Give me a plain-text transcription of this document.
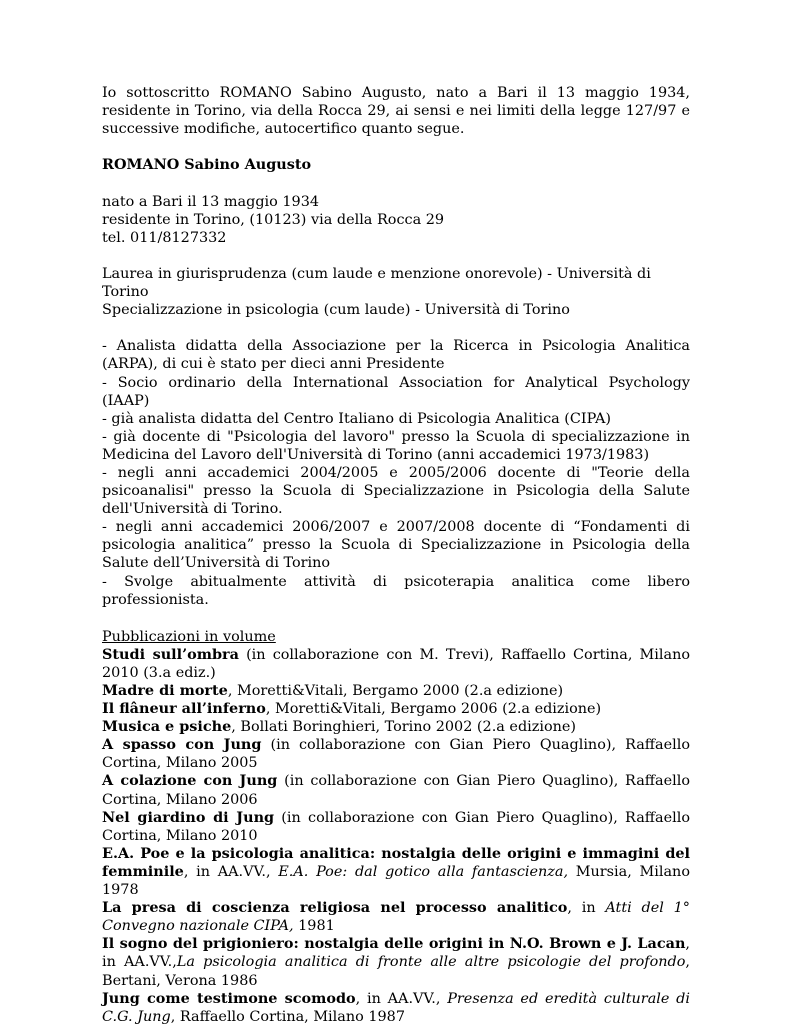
Io sottoscritto ROMANO Sabino Augusto, nato a Bari il 13 maggio 1934, residente in Torino, via della Rocca 29, ai sensi e nei limiti della legge 127/97 e successive modifiche, autocertifico quanto segue.

ROMANO Sabino Augusto

nato a Bari il 13 maggio 1934

residente in Torino, (10123) via della Rocca 29

tel. 011/8127332

Laurea in giurisprudenza (cum laude e menzione onorevole) - Università di Torino

Specializzazione in psicologia (cum laude) - Università di Torino

- Analista didatta della Associazione per la Ricerca in Psicologia Analitica (ARPA), di cui è stato per dieci anni Presidente

- Socio ordinario della International Association for Analytical Psychology (IAAP)

- già analista didatta del Centro Italiano di Psicologia Analitica (CIPA)

- già docente di "Psicologia del lavoro" presso la Scuola di specializzazione in Medicina del Lavoro dell'Università di Torino (anni accademici 1973/1983)

- negli anni accademici 2004/2005 e 2005/2006 docente di "Teorie della psicoanalisi" presso la Scuola di Specializzazione in Psicologia della Salute dell'Università di Torino.

- negli anni accademici 2006/2007 e 2007/2008 docente di “Fondamenti di psicologia analitica” presso la Scuola di Specializzazione in Psicologia della Salute dell’Università di Torino

- Svolge abitualmente attività di psicoterapia analitica come libero professionista.

Pubblicazioni in volume

Studi sull’ombra (in collaborazione con M. Trevi), Raffaello Cortina, Milano 2010 (3.a ediz.)

Madre di morte, Moretti&Vitali, Bergamo 2000 (2.a edizione)

Il flâneur all’inferno, Moretti&Vitali, Bergamo 2006 (2.a edizione)

Musica e psiche, Bollati Boringhieri, Torino 2002 (2.a edizione)

A spasso con Jung (in collaborazione con Gian Piero Quaglino), Raffaello Cortina, Milano 2005

A colazione con Jung (in collaborazione con Gian Piero Quaglino), Raffaello Cortina, Milano 2006

Nel giardino di Jung (in collaborazione con Gian Piero Quaglino), Raffaello Cortina, Milano 2010

E.A. Poe e la psicologia analitica: nostalgia delle origini e immagini del femminile, in AA.VV., E.A. Poe: dal gotico alla fantascienza, Mursia, Milano 1978

La presa di coscienza religiosa nel processo analitico, in Atti del 1° Convegno nazionale CIPA, 1981

Il sogno del prigioniero: nostalgia delle origini in N.O. Brown e J. Lacan, in AA.VV.,La psicologia analitica di fronte alle altre psicologie del profondo, Bertani, Verona 1986

Jung come testimone scomodo, in AA.VV., Presenza ed eredità culturale di C.G. Jung, Raffaello Cortina, Milano 1987
